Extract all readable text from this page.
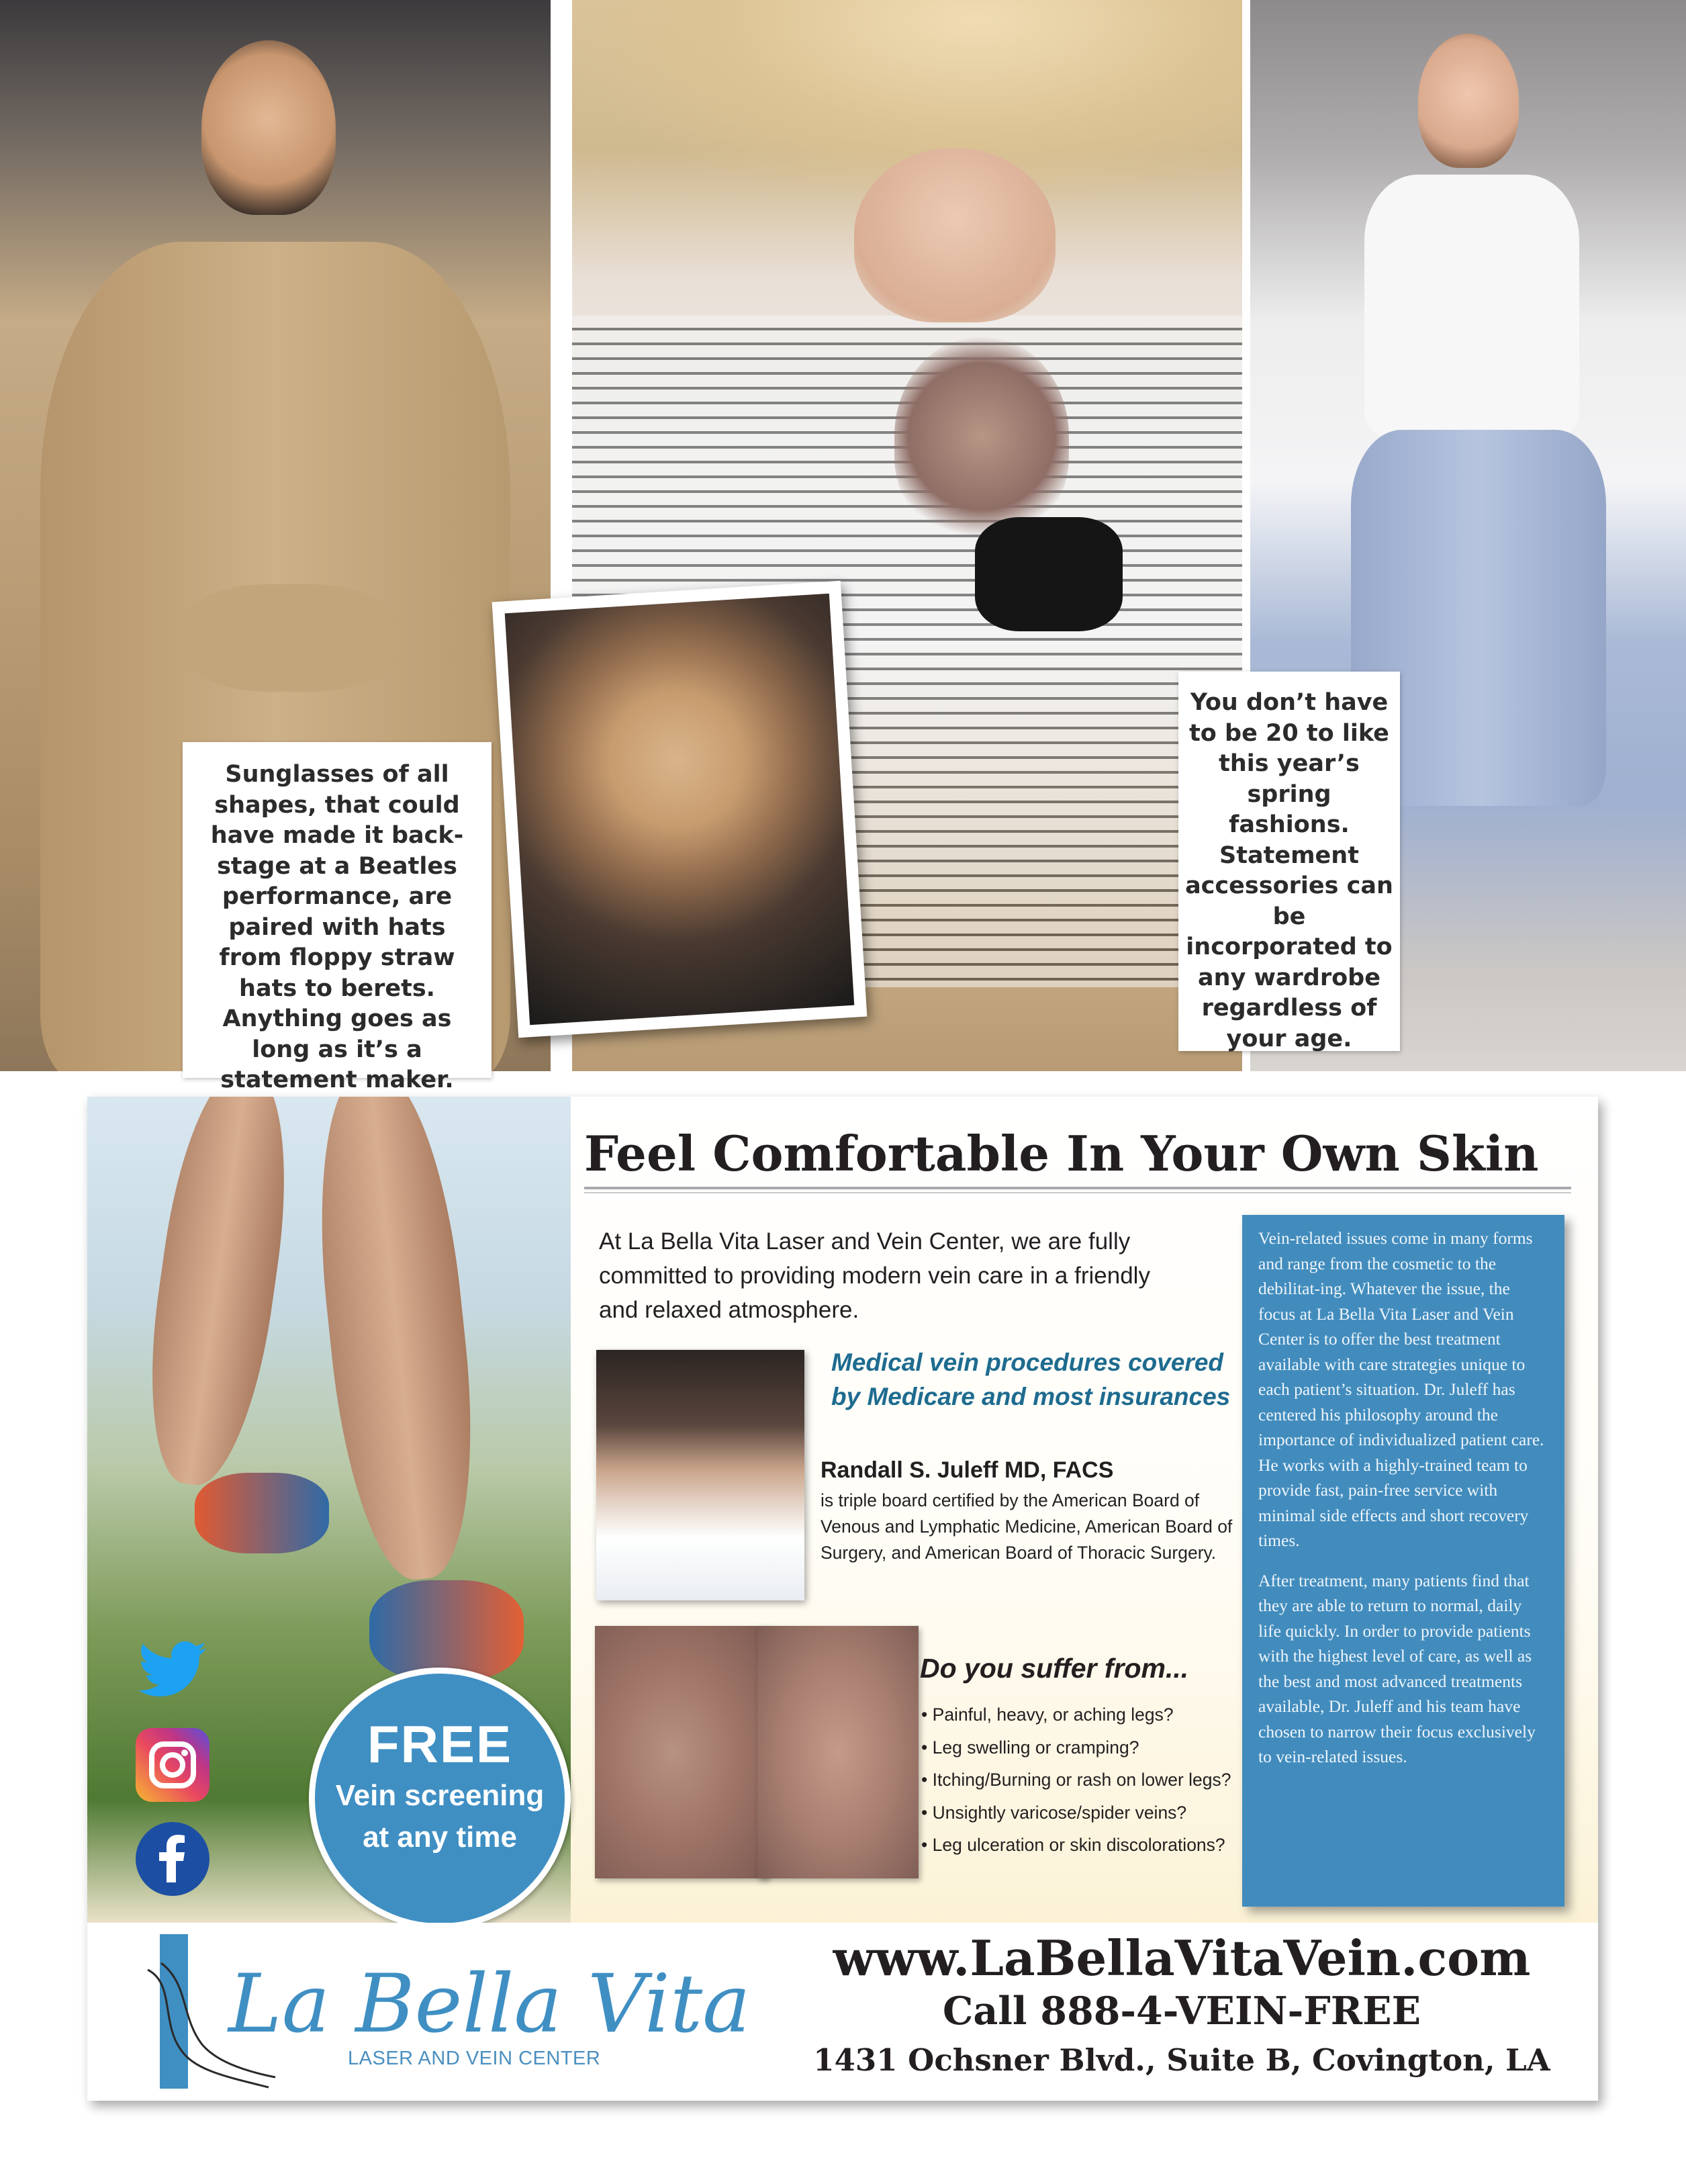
Sunglasses of all shapes, that could have made it back-stage at a Beatles performance, are paired with hats from floppy straw hats to berets. Anything goes as long as it’s a statement maker.
You don’t have to be 20 to like this year’s spring fashions. Statement accessories can be incorporated to any wardrobe regardless of your age.
Feel Comfortable In Your Own Skin

At La Bella Vita Laser and Vein Center, we are fully committed to providing modern vein care in a friendly and relaxed atmosphere.

Medical vein procedures covered by Medicare and most insurances

Randall S. Juleff MD, FACS

is triple board certified by the American Board of Venous and Lymphatic Medicine, American Board of Surgery, and American Board of Thoracic Surgery.

Do you suffer from...
• Painful, heavy, or aching legs?
• Leg swelling or cramping?
• Itching/Burning or rash on lower legs?
• Unsightly varicose/spider veins?
• Leg ulceration or skin discolorations?

Vein-related issues come in many forms and range from the cosmetic to the debilitat-ing. Whatever the issue, the focus at La Bella Vita Laser and Vein Center is to offer the best treatment available with care strategies unique to each patient’s situation. Dr. Juleff has centered his philosophy around the importance of individualized patient care. He works with a highly-trained team to provide fast, pain-free service with minimal side effects and short recovery times.

After treatment, many patients find that they are able to return to normal, daily life quickly. In order to provide patients with the highest level of care, as well as the best and most advanced treatments available, Dr. Juleff and his team have chosen to narrow their focus exclusively to vein-related issues.

FREE
Vein screening
at any time
La Bella Vita
LASER AND VEIN CENTER
www.LaBellaVitaVein.com
Call 888-4-VEIN-FREE
1431 Ochsner Blvd., Suite B, Covington, LA
